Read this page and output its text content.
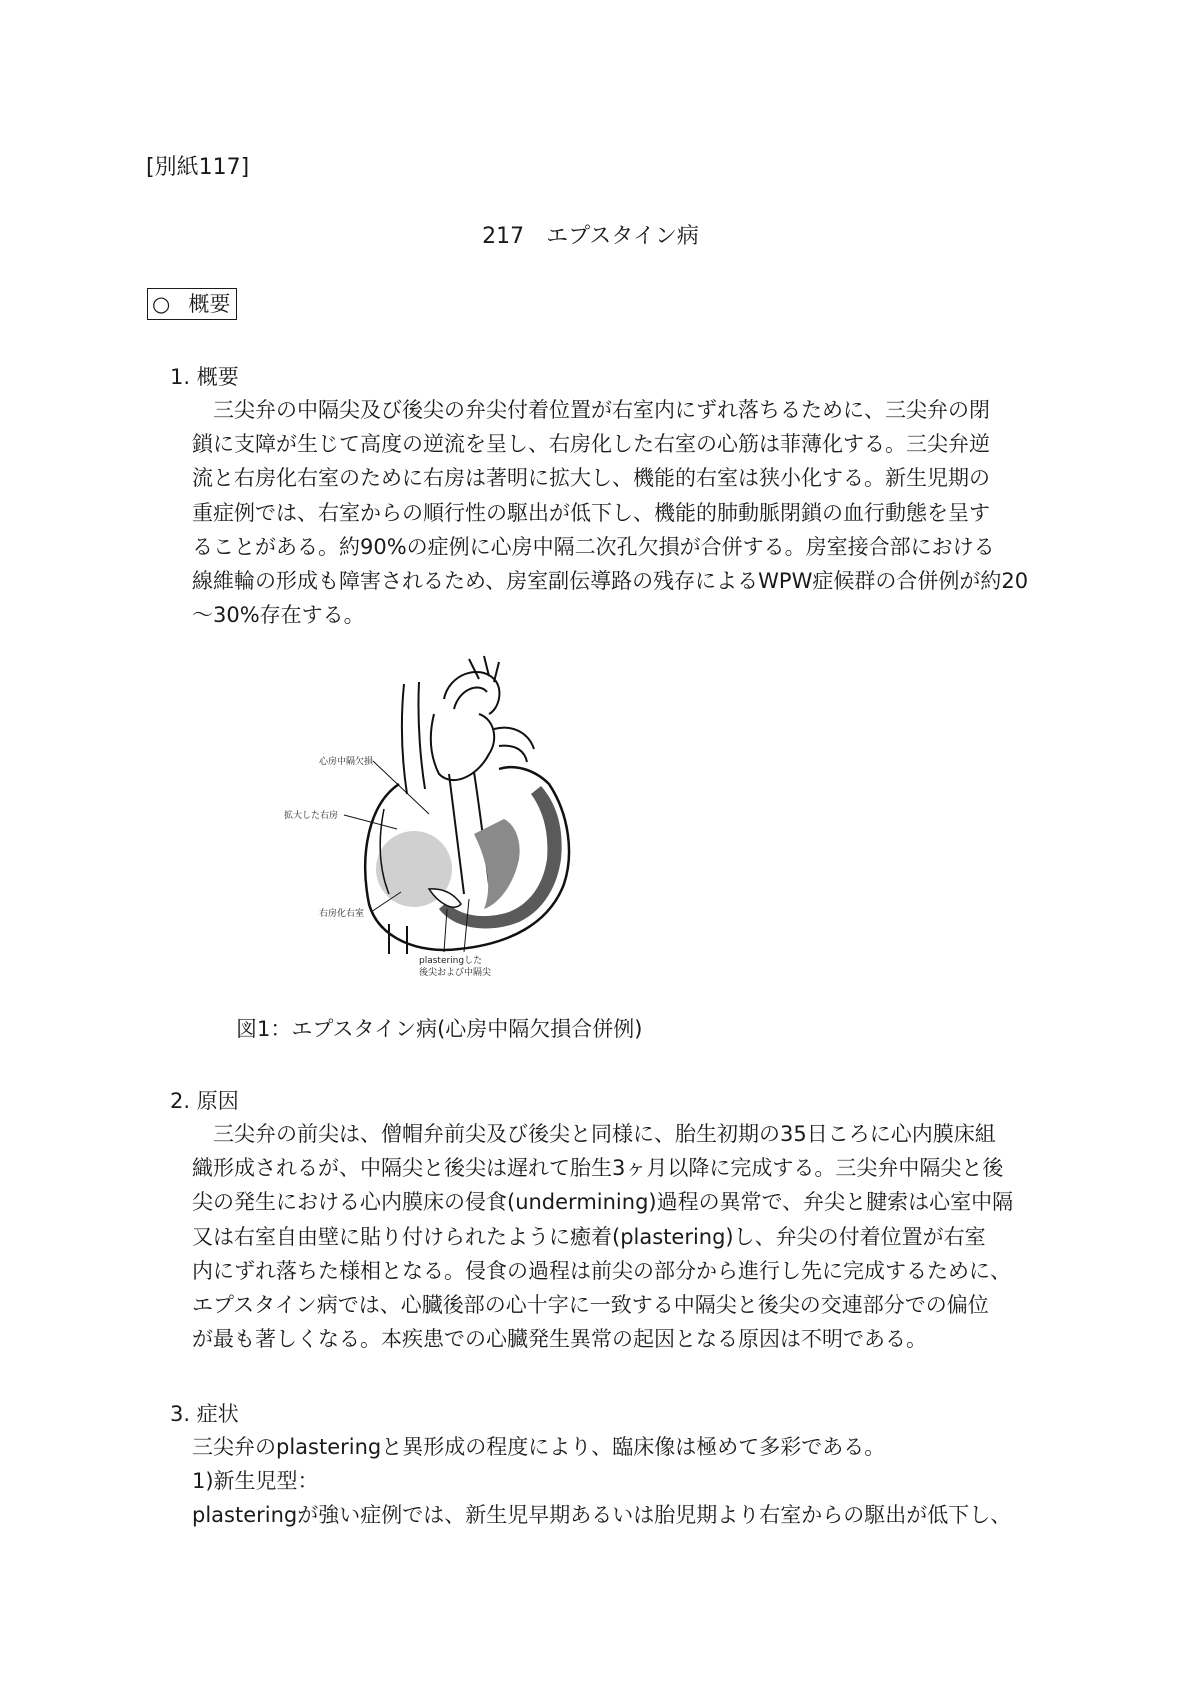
[別紙117]
217　エプスタイン病
○ 概要
1. 概要
　三尖弁の中隔尖及び後尖の弁尖付着位置が右室内にずれ落ちるために、三尖弁の閉
鎖に支障が生じて高度の逆流を呈し、右房化した右室の心筋は菲薄化する。三尖弁逆
流と右房化右室のために右房は著明に拡大し、機能的右室は狭小化する。新生児期の
重症例では、右室からの順行性の駆出が低下し、機能的肺動脈閉鎖の血行動態を呈す
ることがある。約90%の症例に心房中隔二次孔欠損が合併する。房室接合部における
線維輪の形成も障害されるため、房室副伝導路の残存によるWPW症候群の合併例が約20
～30%存在する。
心房中隔欠損
拡大した右房
右房化右室
plasteringした
後尖および中隔尖
図1：エプスタイン病(心房中隔欠損合併例)
2. 原因
　三尖弁の前尖は、僧帽弁前尖及び後尖と同様に、胎生初期の35日ころに心内膜床組
織形成されるが、中隔尖と後尖は遅れて胎生3ヶ月以降に完成する。三尖弁中隔尖と後
尖の発生における心内膜床の侵食(undermining)過程の異常で、弁尖と腱索は心室中隔
又は右室自由壁に貼り付けられたように癒着(plastering)し、弁尖の付着位置が右室
内にずれ落ちた様相となる。侵食の過程は前尖の部分から進行し先に完成するために、
エプスタイン病では、心臓後部の心十字に一致する中隔尖と後尖の交連部分での偏位
が最も著しくなる。本疾患での心臓発生異常の起因となる原因は不明である。
3. 症状
三尖弁のplasteringと異形成の程度により、臨床像は極めて多彩である。
1)新生児型：
plasteringが強い症例では、新生児早期あるいは胎児期より右室からの駆出が低下し、
